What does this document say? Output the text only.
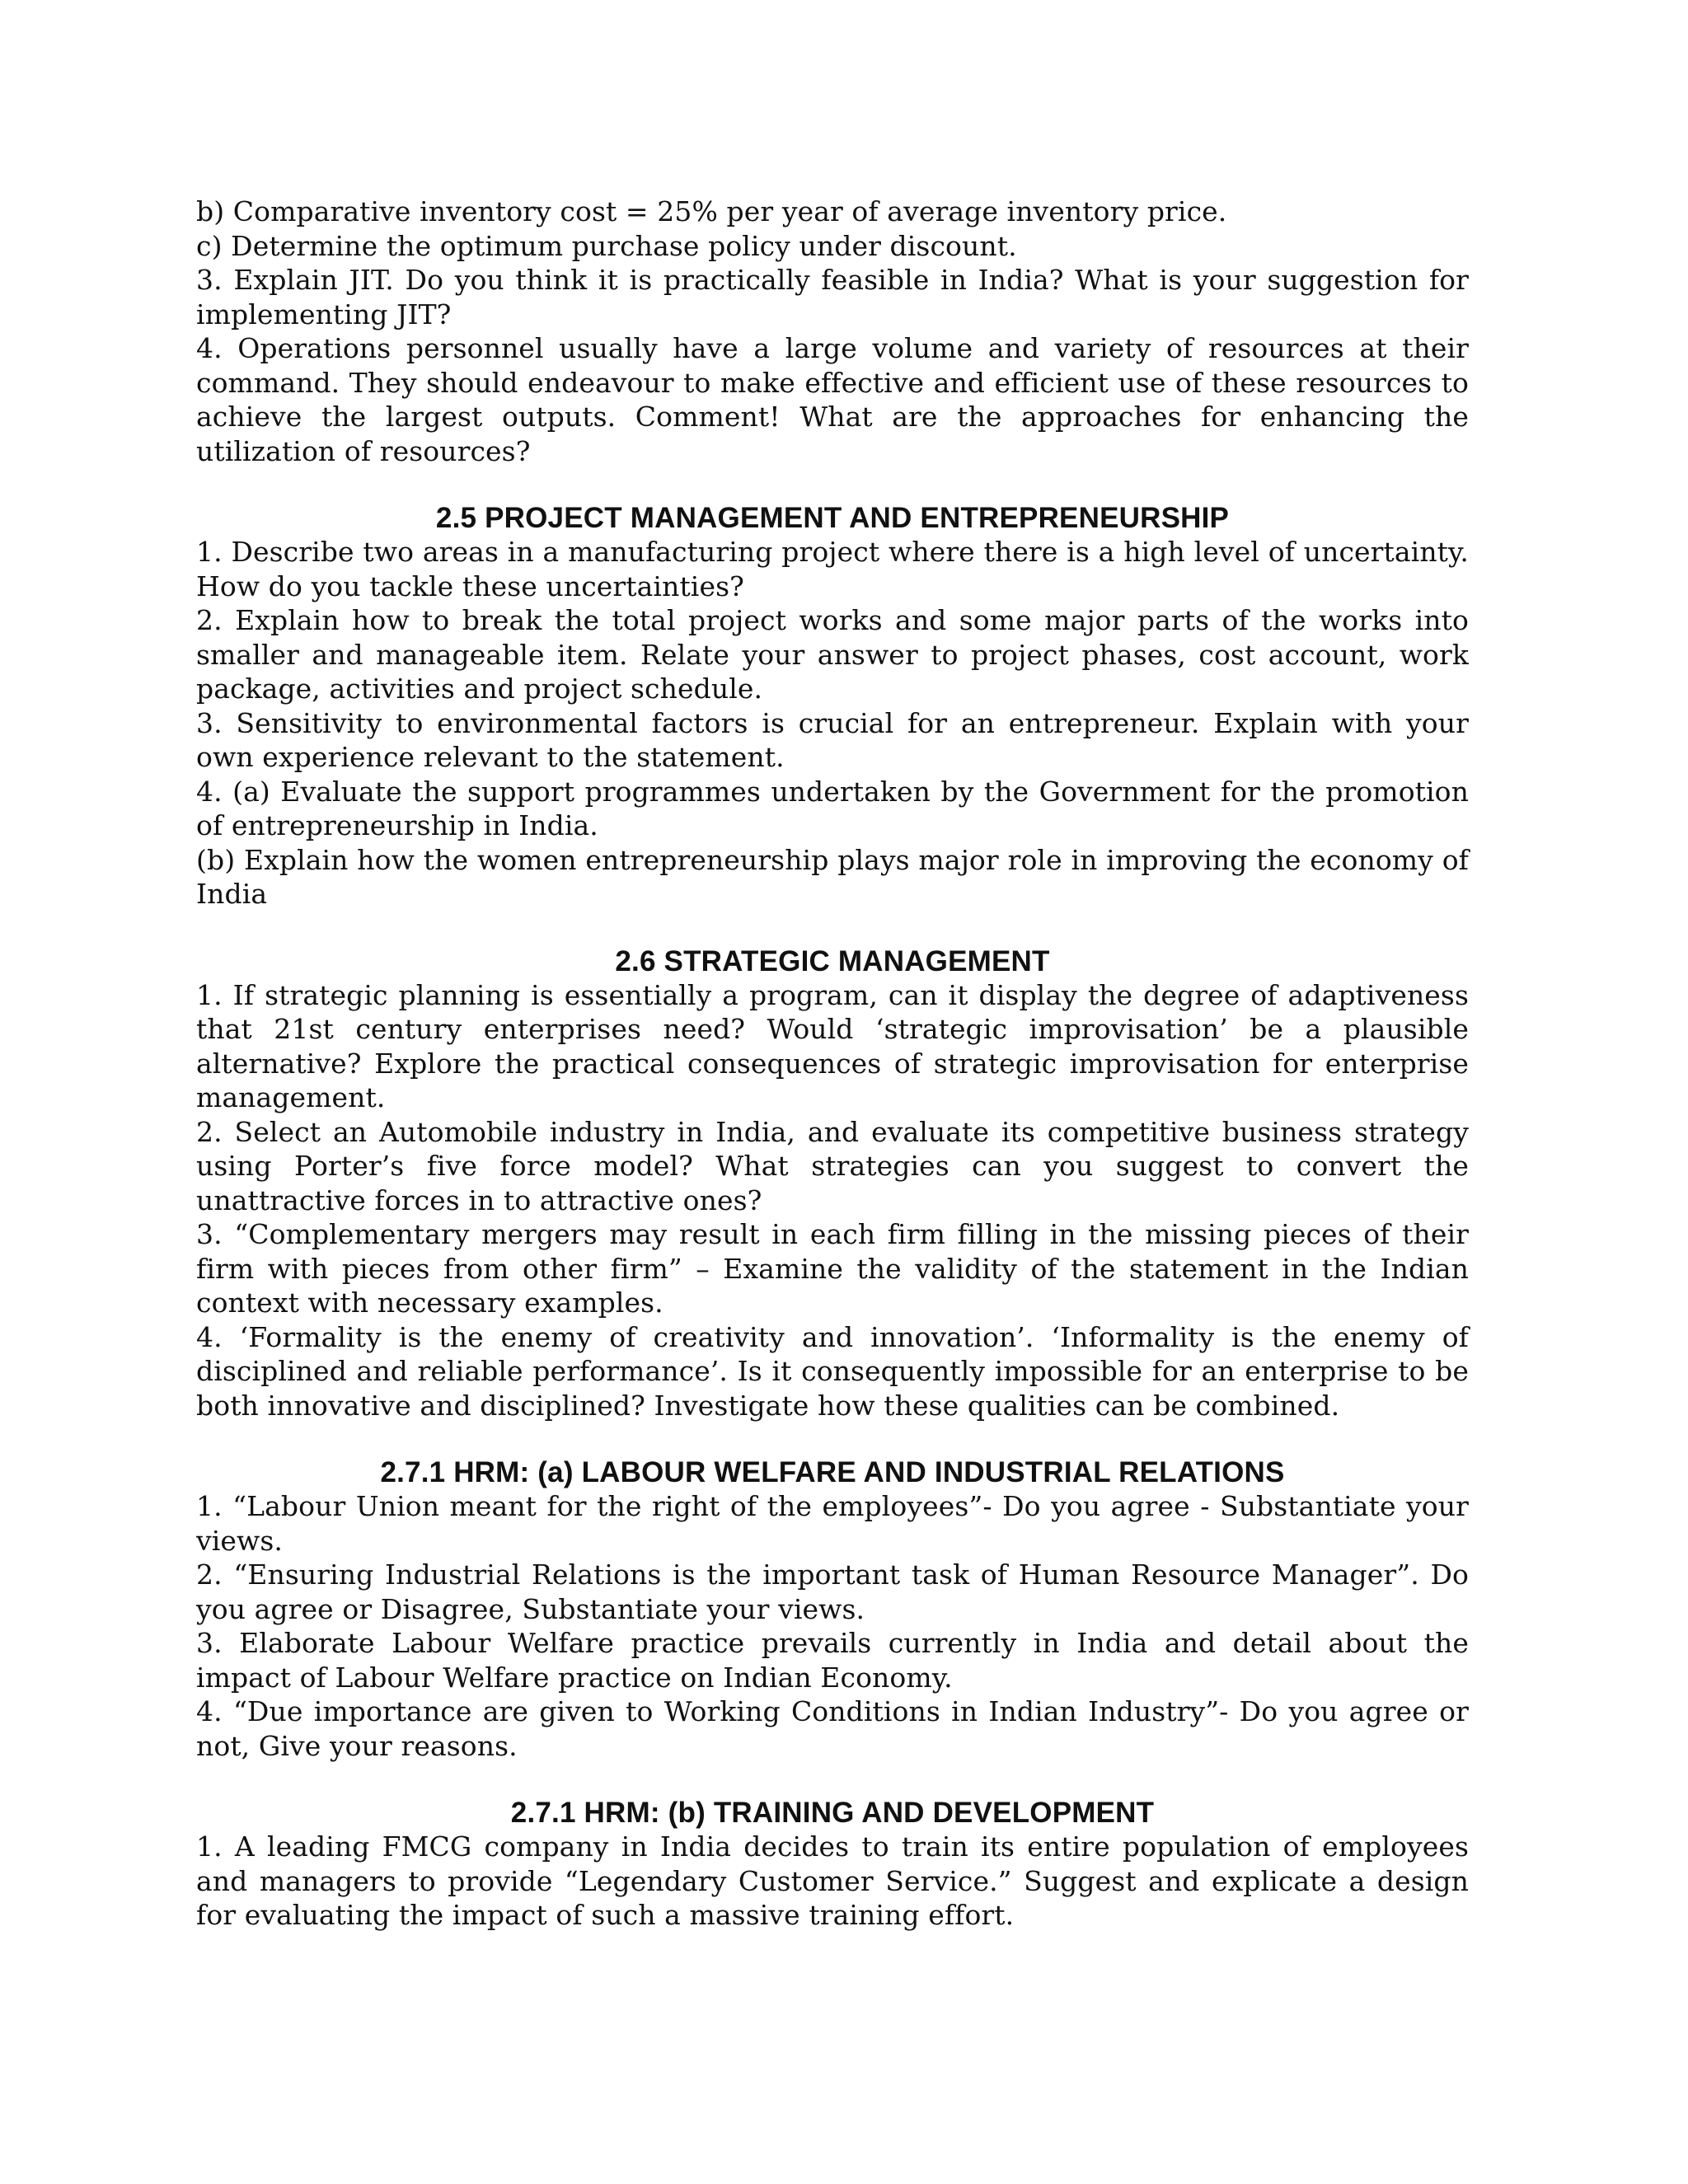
b) Comparative inventory cost = 25% per year of average inventory price.

c) Determine the optimum purchase policy under discount.

3. Explain JIT. Do you think it is practically feasible in India? What is your suggestion for implementing JIT?

4. Operations personnel usually have a large volume and variety of resources at their command. They should endeavour to make effective and efficient use of these resources to achieve the largest outputs. Comment! What are the approaches for enhancing the utilization of resources?

2.5 PROJECT MANAGEMENT AND ENTREPRENEURSHIP

1. Describe two areas in a manufacturing project where there is a high level of uncertainty. How do you tackle these uncertainties?

2. Explain how to break the total project works and some major parts of the works into smaller and manageable item. Relate your answer to project phases, cost account, work package, activities and project schedule.

3. Sensitivity to environmental factors is crucial for an entrepreneur. Explain with your own experience relevant to the statement.

4. (a) Evaluate the support programmes undertaken by the Government for the promotion of entrepreneurship in India.

(b) Explain how the women entrepreneurship plays major role in improving the economy of India

2.6 STRATEGIC MANAGEMENT

1. If strategic planning is essentially a program, can it display the degree of adaptiveness that 21st century enterprises need? Would ‘strategic improvisation’ be a plausible alternative? Explore the practical consequences of strategic improvisation for enterprise management.

2. Select an Automobile industry in India, and evaluate its competitive business strategy using Porter’s five force model? What strategies can you suggest to convert the unattractive forces in to attractive ones?

3. “Complementary mergers may result in each firm filling in the missing pieces of their firm with pieces from other firm” – Examine the validity of the statement in the Indian context with necessary examples.

4. ‘Formality is the enemy of creativity and innovation’. ‘Informality is the enemy of disciplined and reliable performance’. Is it consequently impossible for an enterprise to be both innovative and disciplined? Investigate how these qualities can be combined.

2.7.1 HRM: (a) LABOUR WELFARE AND INDUSTRIAL RELATIONS

1. “Labour Union meant for the right of the employees”- Do you agree - Substantiate your views.

2. “Ensuring Industrial Relations is the important task of Human Resource Manager”. Do you agree or Disagree, Substantiate your views.

3. Elaborate Labour Welfare practice prevails currently in India and detail about the impact of Labour Welfare practice on Indian Economy.

4. “Due importance are given to Working Conditions in Indian Industry”- Do you agree or not, Give your reasons.

2.7.1 HRM: (b) TRAINING AND DEVELOPMENT

1. A leading FMCG company in India decides to train its entire population of employees and managers to provide “Legendary Customer Service.” Suggest and explicate a design for evaluating the impact of such a massive training effort.
